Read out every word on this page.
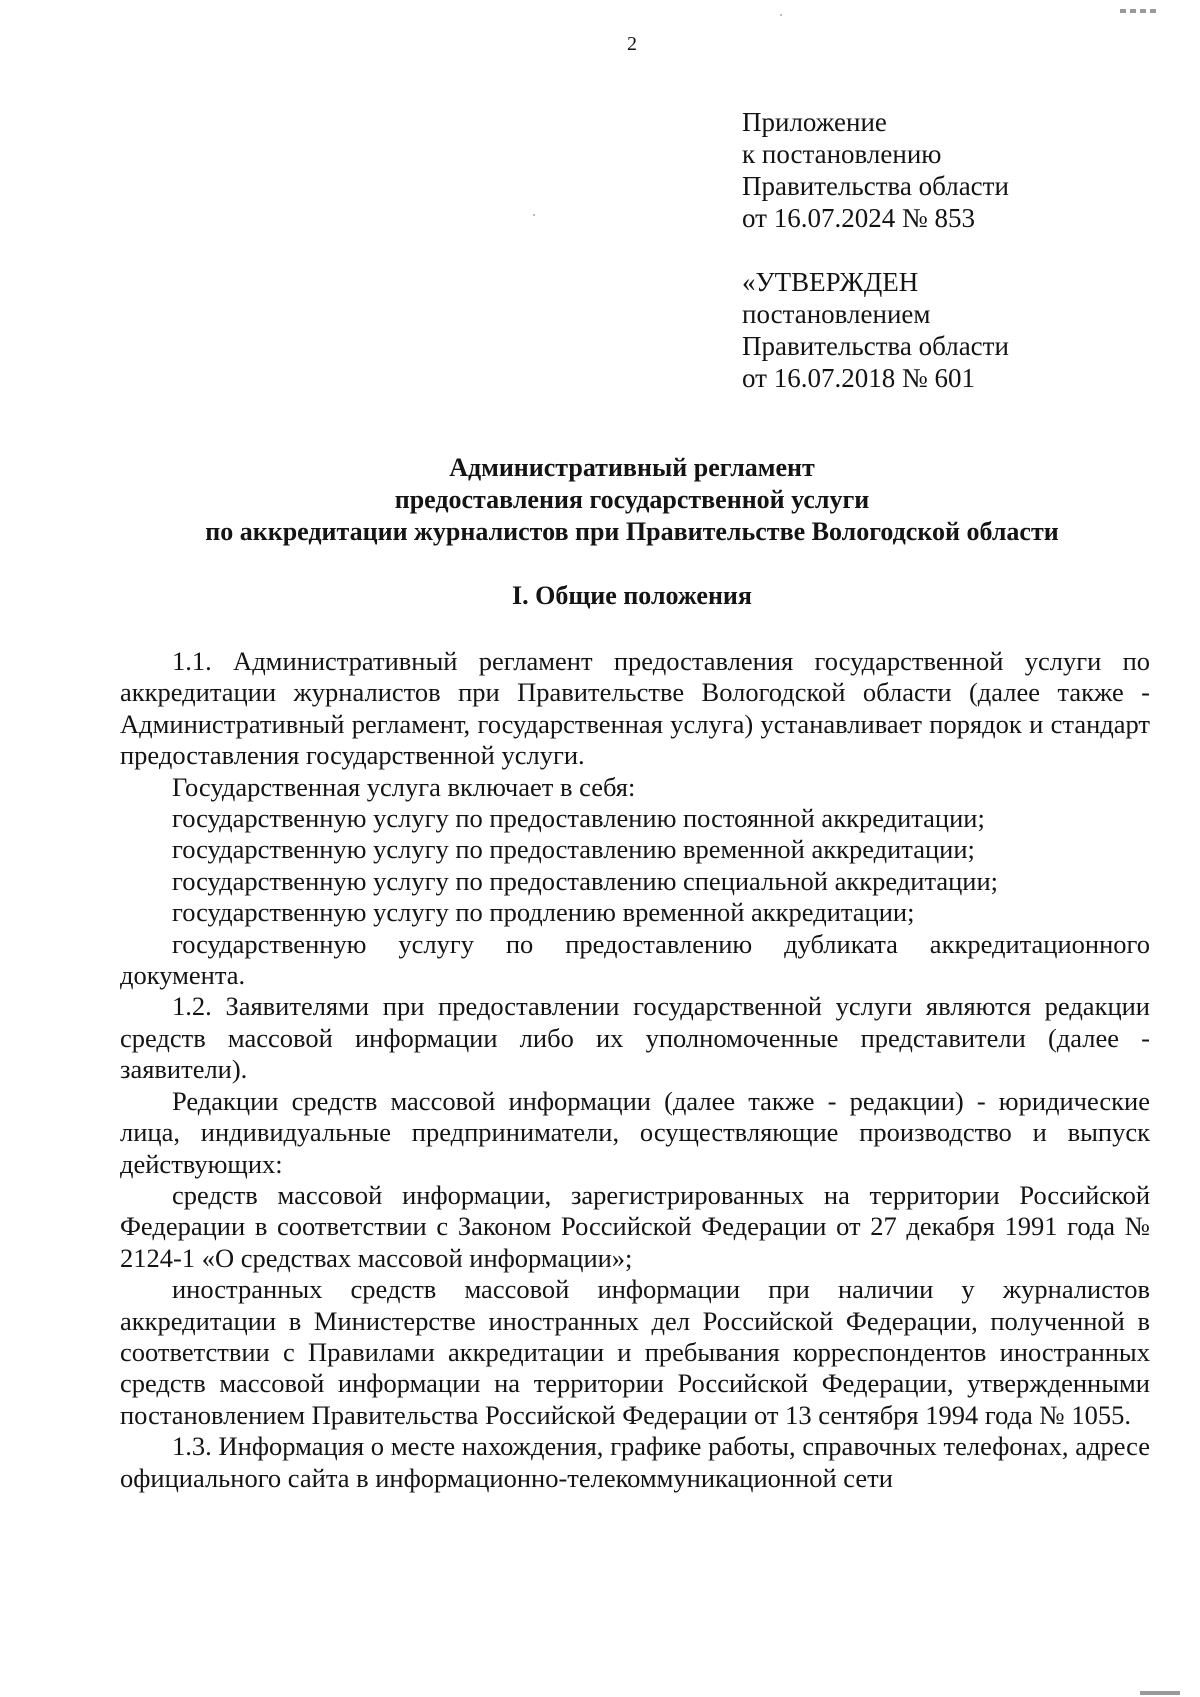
2
Приложение
к постановлению
Правительства области
от 16.07.2024 № 853
«УТВЕРЖДЕН
постановлением
Правительства области
от 16.07.2018 № 601
Административный регламент
предоставления государственной услуги
по аккредитации журналистов при Правительстве Вологодской области
I. Общие положения

1.1. Административный регламент предоставления государственной услуги по аккредитации журналистов при Правительстве Вологодской области (далее также - Административный регламент, государственная услуга) устанавливает порядок и стандарт предоставления государственной услуги.

Государственная услуга включает в себя:

государственную услугу по предоставлению постоянной аккредитации;

государственную услугу по предоставлению временной аккредитации;

государственную услугу по предоставлению специальной аккредитации;

государственную услугу по продлению временной аккредитации;

государственную услугу по предоставлению дубликата аккредитационного документа.

1.2. Заявителями при предоставлении государственной услуги являются редакции средств массовой информации либо их уполномоченные представители (далее - заявители).

Редакции средств массовой информации (далее также - редакции) - юридические лица, индивидуальные предприниматели, осуществляющие производство и выпуск действующих:

средств массовой информации, зарегистрированных на территории Российской Федерации в соответствии с Законом Российской Федерации от 27 декабря 1991 года № 2124-1 «О средствах массовой информации»;

иностранных средств массовой информации при наличии у журналистов аккредитации в Министерстве иностранных дел Российской Федерации, полученной в соответствии с Правилами аккредитации и пребывания корреспондентов иностранных средств массовой информации на территории Российской Федерации, утвержденными постановлением Правительства Российской Федерации от 13 сентября 1994 года № 1055.

1.3. Информация о месте нахождения, графике работы, справочных телефонах, адресе официального сайта в информационно-телекоммуникационной сети
